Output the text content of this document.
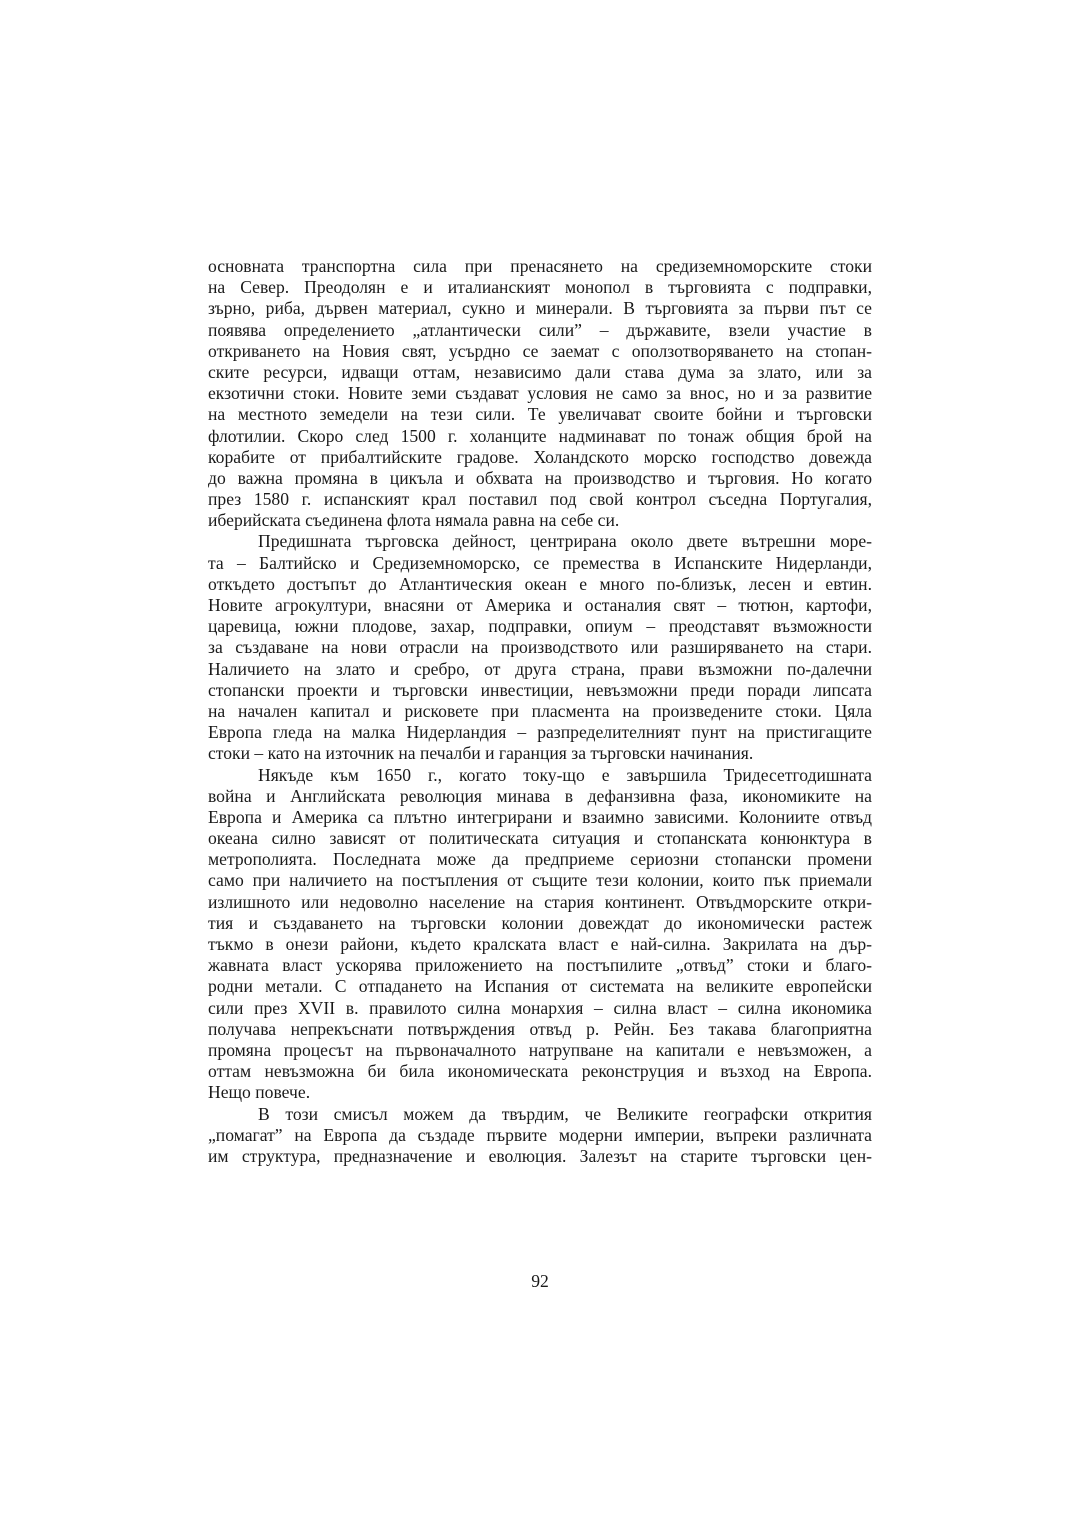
основната транспортна сила при пренасянето на средиземноморските стоки
на Север. Преодолян е и италианският монопол в търговията с подправки,
зърно, риба, дървен материал, сукно и минерали. В търговията за първи път се
появява определението „атлантически сили” – държавите, взели участие в
откриването на Новия свят, усърдно се заемат с оползотворяването на стопан-
ските ресурси, идващи оттам, независимо дали става дума за злато, или за
екзотични стоки. Новите земи създават условия не само за внос, но и за развитие
на местното земедели на тези сили. Те увеличават своите бойни и търговски
флотилии. Скоро след 1500 г. холанците надминават по тонаж общия брой на
корабите от прибалтийските градове. Холандското морско господство довежда
до важна промяна в цикъла и обхвата на производство и търговия. Но когато
през 1580 г. испанският крал поставил под свой контрол съседна Португалия,
иберийската съединена флота нямала равна на себе си.
Предишната търговска дейност, центрирана около двете вътрешни море-
та – Балтийско и Средиземноморско, се премества в Испанските Нидерланди,
откъдето достъпът до Атлантическия океан е много по-близък, лесен и евтин.
Новите агрокултури, внасяни от Америка и останалия свят – тютюн, картофи,
царевица, южни плодове, захар, подправки, опиум – преодставят възможности
за създаване на нови отрасли на производството или разширяването на стари.
Наличието на злато и сребро, от друга страна, прави възможни по-далечни
стопански проекти и търговски инвестиции, невъзможни преди поради липсата
на начален капитал и рисковете при пласмента на произведените стоки. Цяла
Европа гледа на малка Нидерландия – разпределителният пунт на пристигащите
стоки – като на източник на печалби и гаранция за търговски начинания.
Някъде към 1650 г., когато току-що е завършила Тридесетгодишната
война и Английската революция минава в дефанзивна фаза, икономиките на
Европа и Америка са плътно интегрирани и взаимно зависими. Колониите отвъд
океана силно зависят от политическата ситуация и стопанската конюнктура в
метрополията. Последната може да предприеме сериозни стопански промени
само при наличието на постъпления от същите тези колонии, които пък приемали
излишното или недоволно население на стария континент. Отвъдморските откри-
тия и създаването на търговски колонии довеждат до икономически растеж
тъкмо в онези райони, където кралската власт е най-силна. Закрилата на дър-
жавната власт ускорява приложението на постъпилите „отвъд” стоки и благо-
родни метали. С отпадането на Испания от системата на великите европейски
сили през XVII в. правилото силна монархия – силна власт – силна икономика
получава непрекъснати потвърждения отвъд р. Рейн. Без такава благоприятна
промяна процесът на първоначалното натрупване на капитали е невъзможен, а
оттам невъзможна би била икономическата реконструция и възход на Европа.
Нещо повече.
В този смисъл можем да твърдим, че Великите географски открития
„помагат” на Европа да създаде първите модерни империи, въпреки различната
им структура, предназначение и еволюция. Залезът на старите търговски цен-
92
